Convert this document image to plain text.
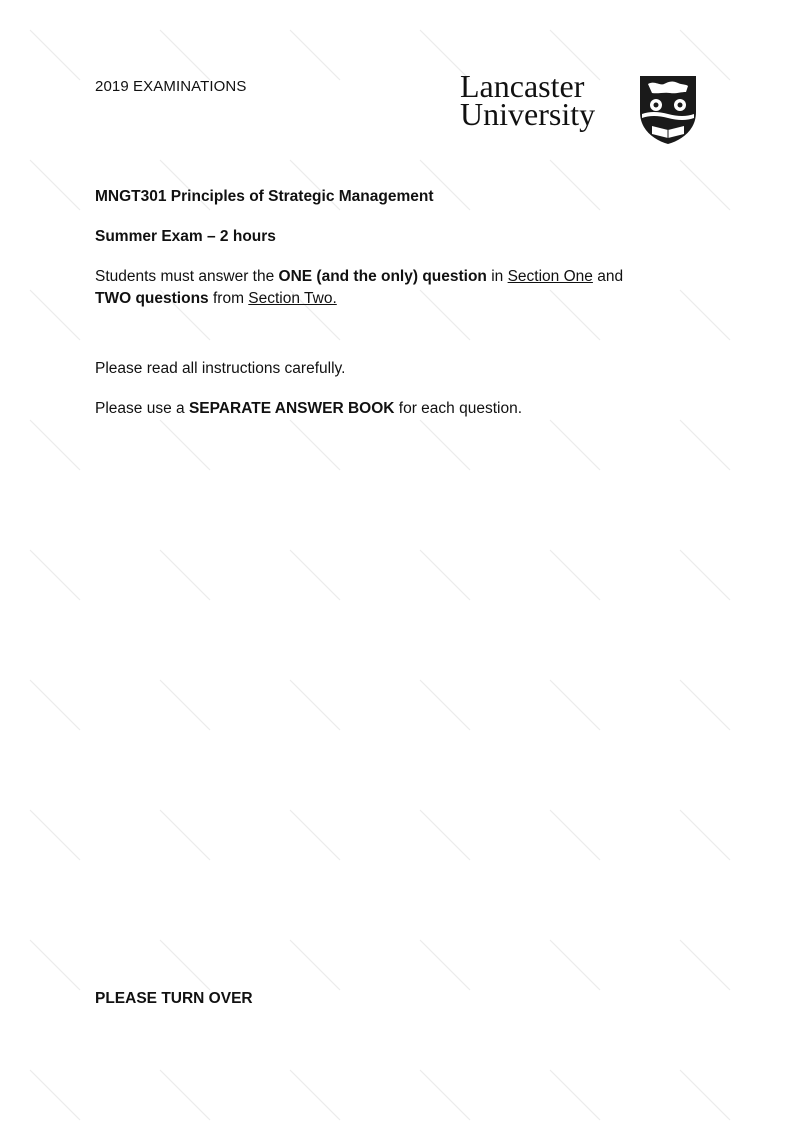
2019 EXAMINATIONS	Lancaster
University
MNGT301 Principles of Strategic Management
Summer Exam – 2 hours
Students must answer the ONE (and the only) question in Section One and
TWO questions from Section Two.
Please read all instructions carefully.
Please use a SEPARATE ANSWER BOOK for each question.
PLEASE TURN OVER
